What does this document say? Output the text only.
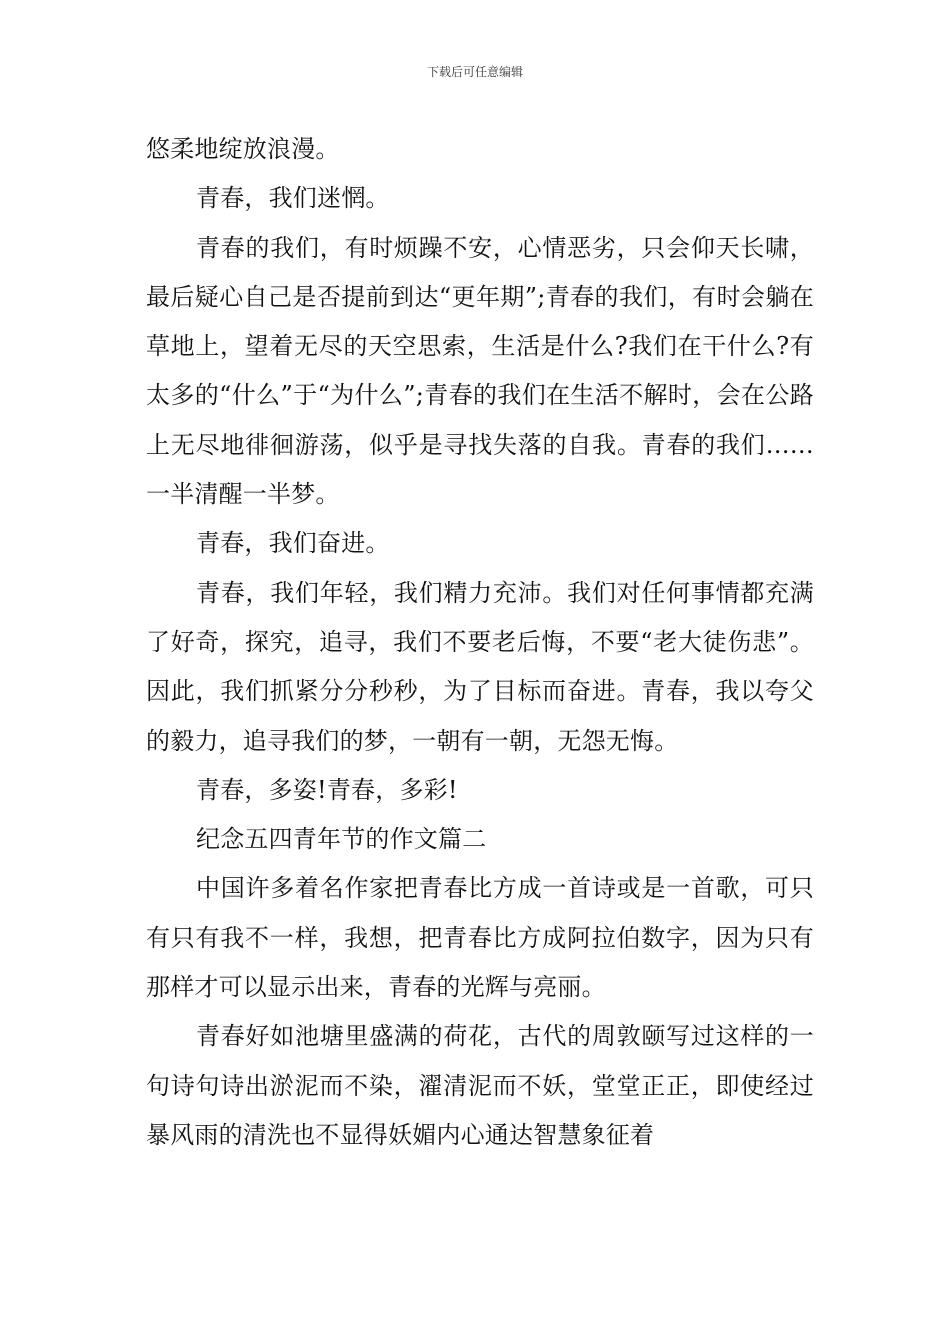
下载后可任意编辑

悠柔地绽放浪漫。

青春，我们迷惘。

青春的我们，有时烦躁不安，心情恶劣，只会仰天长啸，最后疑心自己是否提前到达“更年期”;青春的我们，有时会躺在草地上，望着无尽的天空思索，生活是什么?我们在干什么?有太多的“什么”于“为什么”;青春的我们在生活不解时，会在公路上无尽地徘徊游荡，似乎是寻找失落的自我。青春的我们……一半清醒一半梦。

青春，我们奋进。

青春，我们年轻，我们精力充沛。我们对任何事情都充满了好奇，探究，追寻，我们不要老后悔，不要“老大徒伤悲”。因此，我们抓紧分分秒秒，为了目标而奋进。青春，我以夸父的毅力，追寻我们的梦，一朝有一朝，无怨无悔。

青春，多姿!青春，多彩!

纪念五四青年节的作文篇二

中国许多着名作家把青春比方成一首诗或是一首歌，可只有只有我不一样，我想，把青春比方成阿拉伯数字，因为只有那样才可以显示出来，青春的光辉与亮丽。

青春好如池塘里盛满的荷花，古代的周敦颐写过这样的一句诗句诗出淤泥而不染，濯清泥而不妖，堂堂正正，即使经过暴风雨的清洗也不显得妖媚内心通达智慧象征着
